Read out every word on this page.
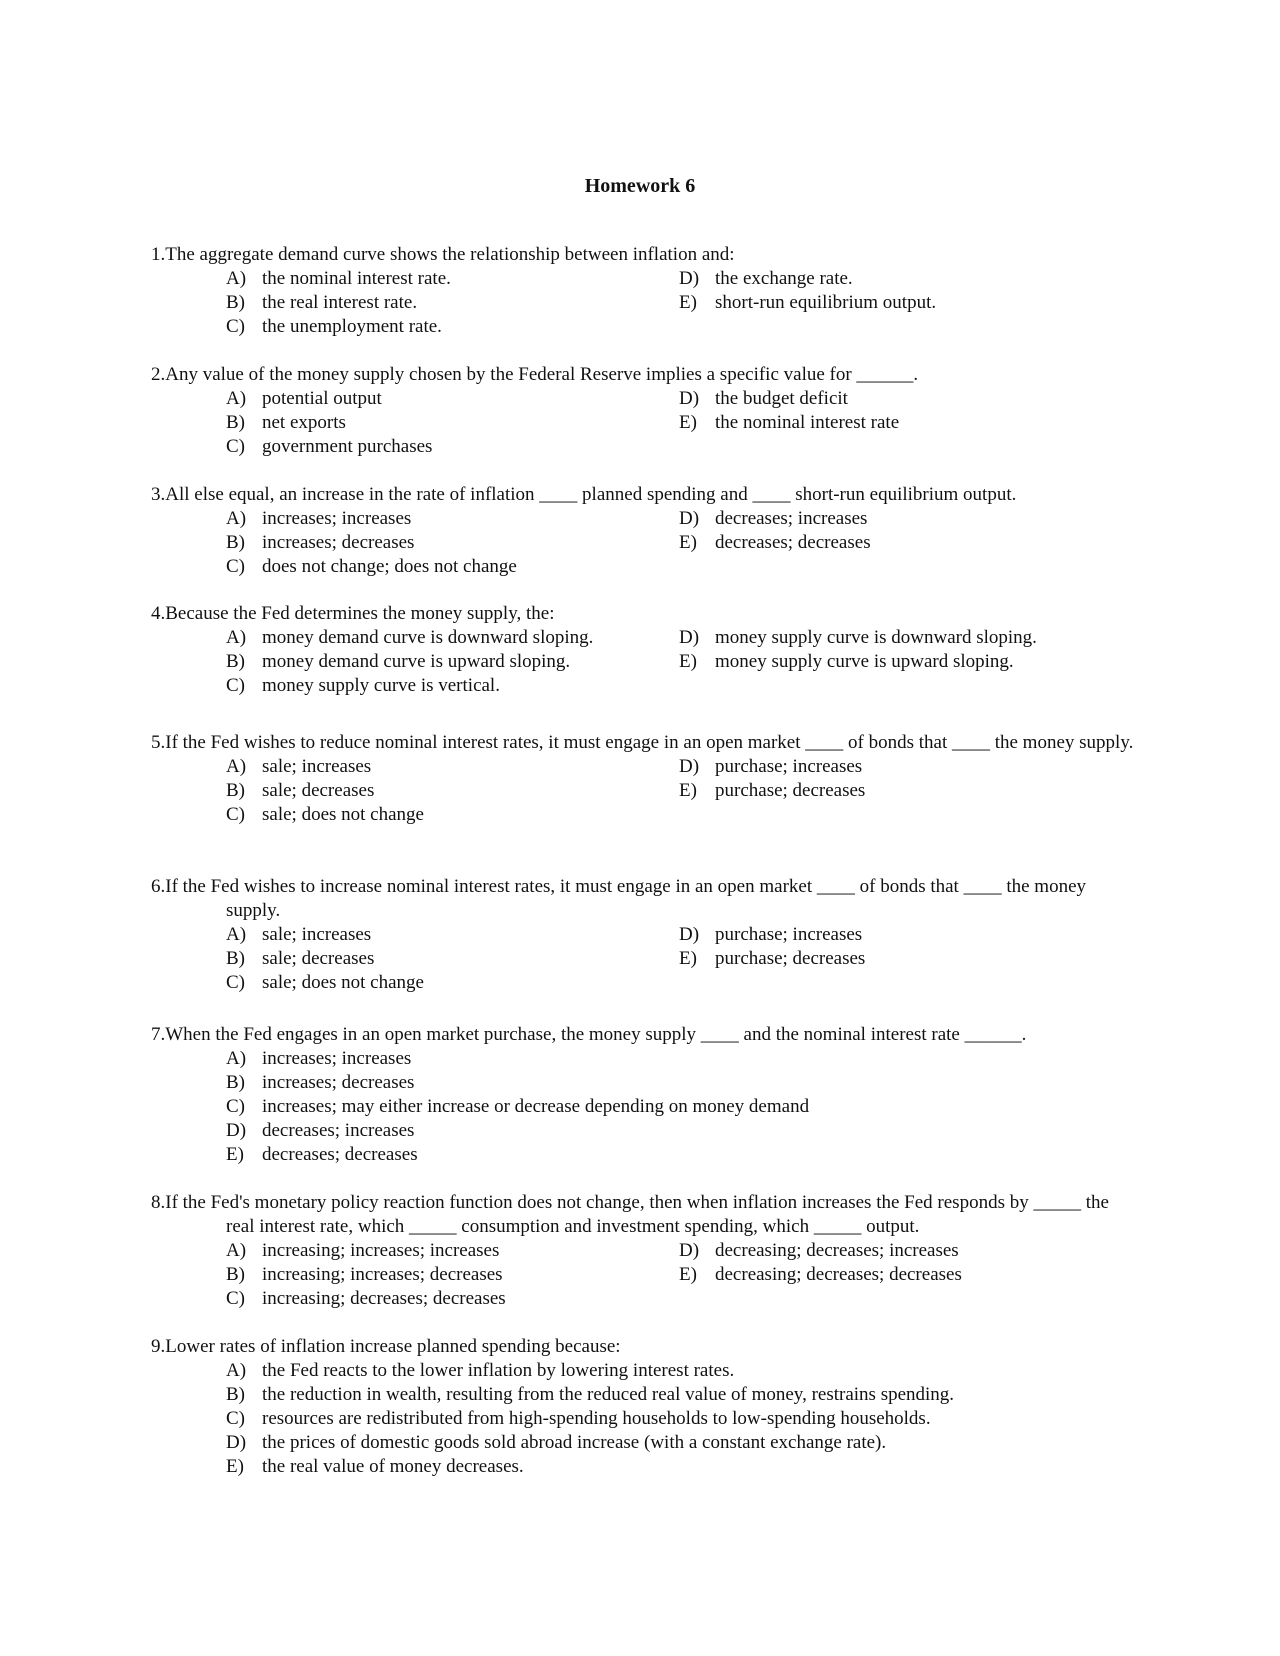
Homework 6
1.The aggregate demand curve shows the relationship between inflation and:
A) the nominal interest rate.
B) the real interest rate.
C) the unemployment rate.
D) the exchange rate.
E) short-run equilibrium output.
2.Any value of the money supply chosen by the Federal Reserve implies a specific value for ______.
A) potential output
B) net exports
C) government purchases
D) the budget deficit
E) the nominal interest rate
3.All else equal, an increase in the rate of inflation ____ planned spending and ____ short-run equilibrium output.
A) increases; increases
B) increases; decreases
C) does not change; does not change
D) decreases; increases
E) decreases; decreases
4.Because the Fed determines the money supply, the:
A) money demand curve is downward sloping.
B) money demand curve is upward sloping.
C) money supply curve is vertical.
D) money supply curve is downward sloping.
E) money supply curve is upward sloping.
5.If the Fed wishes to reduce nominal interest rates, it must engage in an open market ____ of bonds that ____ the money supply.
A) sale; increases
B) sale; decreases
C) sale; does not change
D) purchase; increases
E) purchase; decreases
6.If the Fed wishes to increase nominal interest rates, it must engage in an open market ____ of bonds that ____ the money supply.
A) sale; increases
B) sale; decreases
C) sale; does not change
D) purchase; increases
E) purchase; decreases
7.When the Fed engages in an open market purchase, the money supply ____ and the nominal interest rate ______.
A) increases; increases
B) increases; decreases
C) increases; may either increase or decrease depending on money demand
D) decreases; increases
E) decreases; decreases
8.If the Fed's monetary policy reaction function does not change, then when inflation increases the Fed responds by _____ the real interest rate, which _____ consumption and investment spending, which _____ output.
A) increasing; increases; increases
B) increasing; increases; decreases
C) increasing; decreases; decreases
D) decreasing; decreases; increases
E) decreasing; decreases; decreases
9.Lower rates of inflation increase planned spending because:
A) the Fed reacts to the lower inflation by lowering interest rates.
B) the reduction in wealth, resulting from the reduced real value of money, restrains spending.
C) resources are redistributed from high-spending households to low-spending households.
D) the prices of domestic goods sold abroad increase (with a constant exchange rate).
E) the real value of money decreases.
